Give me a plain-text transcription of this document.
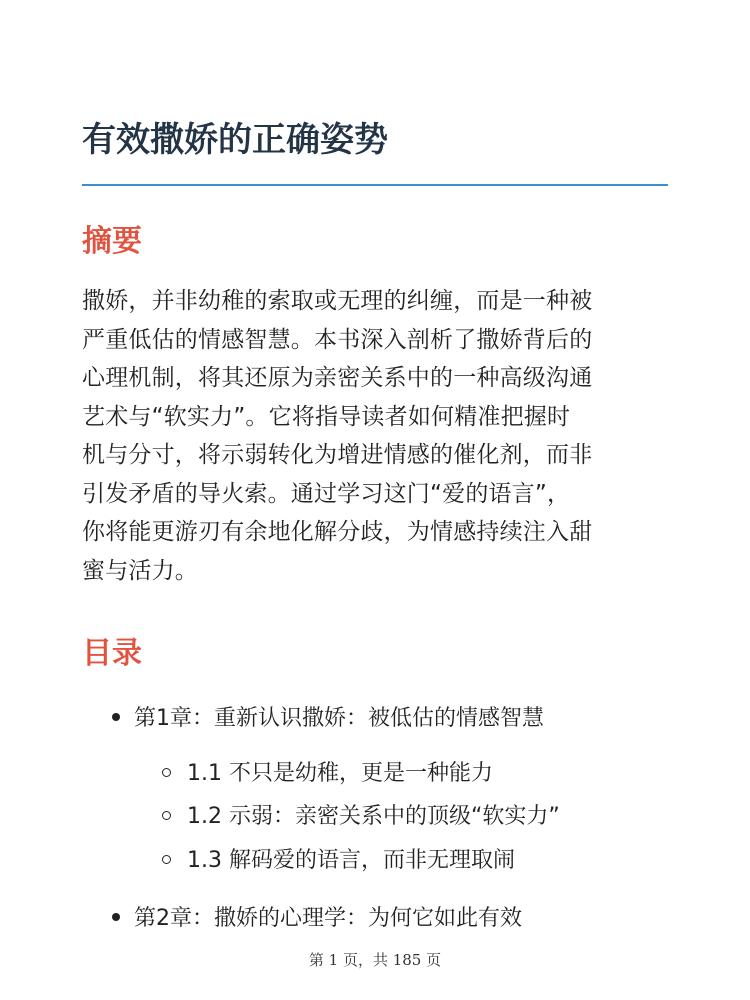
有效撒娇的正确姿势
摘要

撒娇，并非幼稚的索取或无理的纠缠，而是一种被
严重低估的情感智慧。本书深入剖析了撒娇背后的
心理机制，将其还原为亲密关系中的一种高级沟通
艺术与“软实力”。它将指导读者如何精准把握时
机与分寸，将示弱转化为增进情感的催化剂，而非
引发矛盾的导火索。通过学习这门“爱的语言”，
你将能更游刃有余地化解分歧，为情感持续注入甜
蜜与活力。

目录
第1章：重新认识撒娇：被低估的情感智慧
1.1 不只是幼稚，更是一种能力
1.2 示弱：亲密关系中的顶级“软实力”
1.3 解码爱的语言，而非无理取闹
第2章：撒娇的心理学：为何它如此有效
第 1 页，共 185 页
